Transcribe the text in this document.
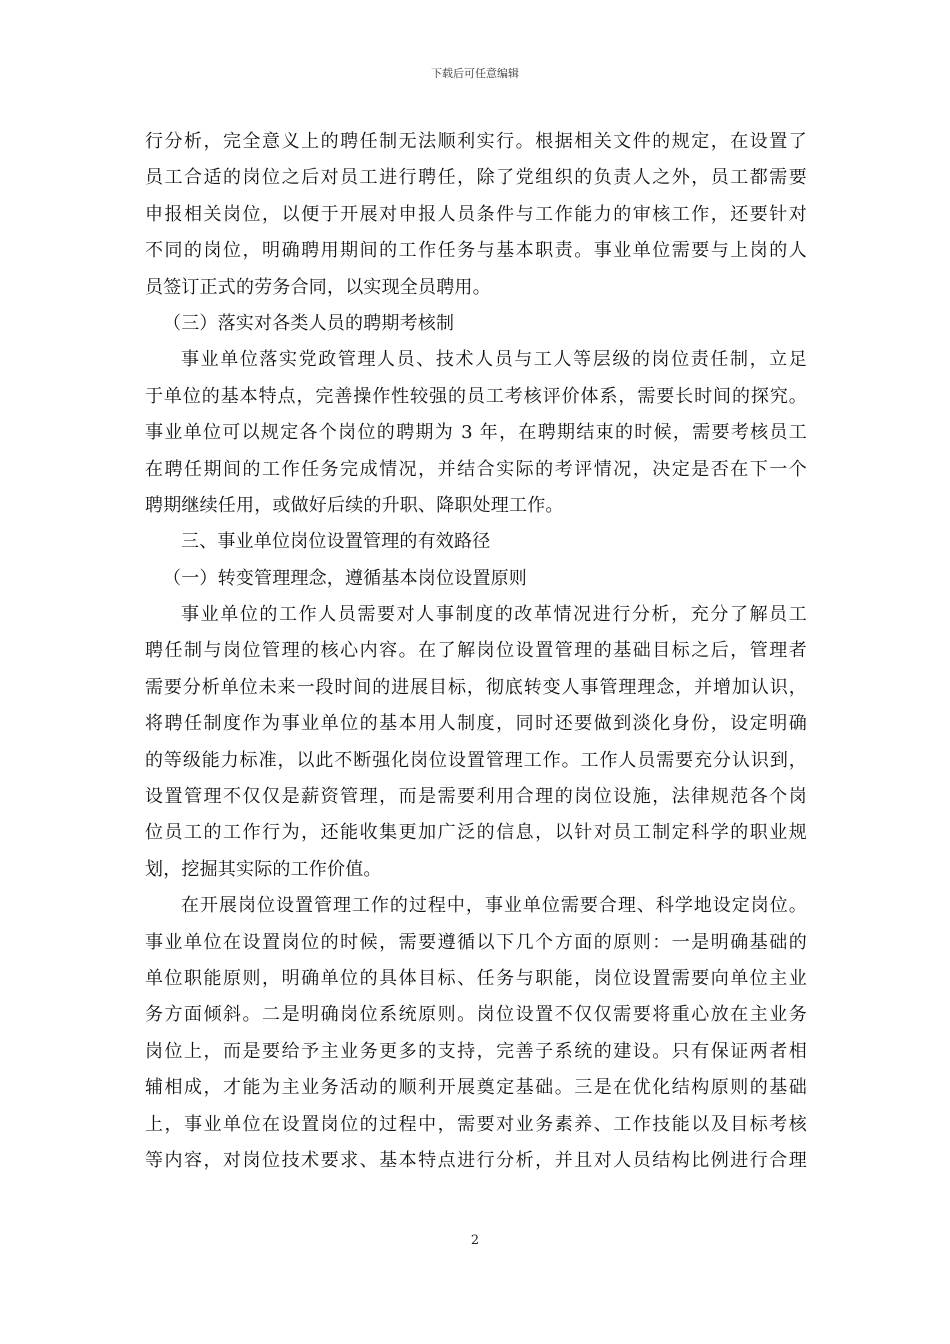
下载后可任意编辑
行分析，完全意义上的聘任制无法顺利实行。根据相关文件的规定，在设置了
员工合适的岗位之后对员工进行聘任，除了党组织的负责人之外，员工都需要
申报相关岗位，以便于开展对申报人员条件与工作能力的审核工作，还要针对
不同的岗位，明确聘用期间的工作任务与基本职责。事业单位需要与上岗的人
员签订正式的劳务合同，以实现全员聘用。
（三）落实对各类人员的聘期考核制
事业单位落实党政管理人员、技术人员与工人等层级的岗位责任制，立足
于单位的基本特点，完善操作性较强的员工考核评价体系，需要长时间的探究。
事业单位可以规定各个岗位的聘期为 3 年，在聘期结束的时候，需要考核员工
在聘任期间的工作任务完成情况，并结合实际的考评情况，决定是否在下一个
聘期继续任用，或做好后续的升职、降职处理工作。
三、事业单位岗位设置管理的有效路径
（一）转变管理理念，遵循基本岗位设置原则
事业单位的工作人员需要对人事制度的改革情况进行分析，充分了解员工
聘任制与岗位管理的核心内容。在了解岗位设置管理的基础目标之后，管理者
需要分析单位未来一段时间的进展目标，彻底转变人事管理理念，并增加认识，
将聘任制度作为事业单位的基本用人制度，同时还要做到淡化身份，设定明确
的等级能力标准，以此不断强化岗位设置管理工作。工作人员需要充分认识到，
设置管理不仅仅是薪资管理，而是需要利用合理的岗位设施，法律规范各个岗
位员工的工作行为，还能收集更加广泛的信息，以针对员工制定科学的职业规
划，挖掘其实际的工作价值。
在开展岗位设置管理工作的过程中，事业单位需要合理、科学地设定岗位。
事业单位在设置岗位的时候，需要遵循以下几个方面的原则：一是明确基础的
单位职能原则，明确单位的具体目标、任务与职能，岗位设置需要向单位主业
务方面倾斜。二是明确岗位系统原则。岗位设置不仅仅需要将重心放在主业务
岗位上，而是要给予主业务更多的支持，完善子系统的建设。只有保证两者相
辅相成，才能为主业务活动的顺利开展奠定基础。三是在优化结构原则的基础
上，事业单位在设置岗位的过程中，需要对业务素养、工作技能以及目标考核
等内容，对岗位技术要求、基本特点进行分析，并且对人员结构比例进行合理
2
